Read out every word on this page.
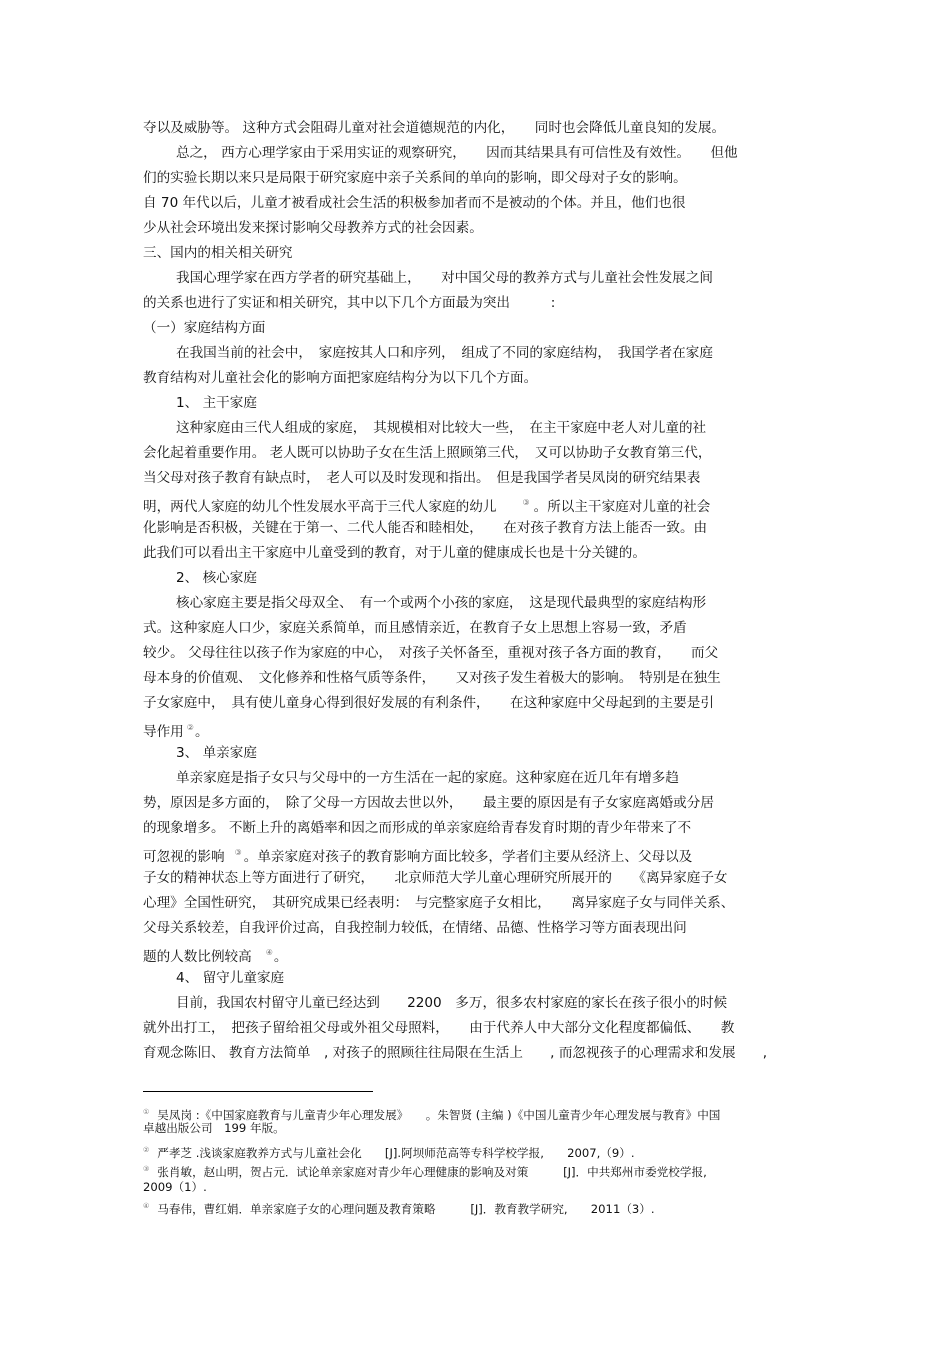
夺以及威胁等。 这种方式会阻碍儿童对社会道德规范的内化，　　同时也会降低儿童良知的发展。
总之， 西方心理学家由于采用实证的观察研究，　　因而其结果具有可信性及有效性。　　但他
们的实验长期以来只是局限于研究家庭中亲子关系间的单向的影响，即父母对子女的影响。
自 70 年代以后，儿童才被看成社会生活的积极参加者而不是被动的个体。并且，他们也很
少从社会环境出发来探讨影响父母教养方式的社会因素。
三、国内的相关相关研究
我国心理学家在西方学者的研究基础上，　　对中国父母的教养方式与儿童社会性发展之间
的关系也进行了实证和相关研究，其中以下几个方面最为突出　　　:
（一）家庭结构方面
在我国当前的社会中，　家庭按其人口和序列，　组成了不同的家庭结构，　我国学者在家庭
教育结构对儿童社会化的影响方面把家庭结构分为以下几个方面。
1、 主干家庭
这种家庭由三代人组成的家庭，　其规模相对比较大一些，　在主干家庭中老人对儿童的社
会化起着重要作用。 老人既可以协助子女在生活上照顾第三代，　又可以协助子女教育第三代，
当父母对孩子教育有缺点时，　老人可以及时发现和指出。　但是我国学者吴凤岗的研究结果表
明，两代人家庭的幼儿个性发展水平高于三代人家庭的幼儿	③ 。所以主干家庭对儿童的社会
化影响是否积极，关键在于第一、二代人能否和睦相处，　　在对孩子教育方法上能否一致。由
此我们可以看出主干家庭中儿童受到的教育，对于儿童的健康成长也是十分关键的。
2、 核心家庭
核心家庭主要是指父母双全、　有一个或两个小孩的家庭，　这是现代最典型的家庭结构形
式。这种家庭人口少，家庭关系简单，而且感情亲近，在教育子女上思想上容易一致，矛盾
较少。 父母往往以孩子作为家庭的中心，　对孩子关怀备至，重视对孩子各方面的教育，　　而父
母本身的价值观、　文化修养和性格气质等条件，　　又对孩子发生着极大的影响。　特别是在独生
子女家庭中，　具有使儿童身心得到很好发展的有利条件，　　在这种家庭中父母起到的主要是引
导作用 ②。
3、 单亲家庭
单亲家庭是指子女只与父母中的一方生活在一起的家庭。这种家庭在近几年有增多趋
势，原因是多方面的，　除了父母一方因故去世以外，　　最主要的原因是有子女家庭离婚或分居
的现象增多。 不断上升的离婚率和因之而形成的单亲家庭给青春发育时期的青少年带来了不
可忽视的影响 ③ 。单亲家庭对孩子的教育影响方面比较多，学者们主要从经济上、父母以及
子女的精神状态上等方面进行了研究，　　北京师范大学儿童心理研究所展开的　　《离异家庭子女
心理》全国性研究，　其研究成果已经表明：　与完整家庭子女相比，　　离异家庭子女与同伴关系、
父母关系较差，自我评价过高，自我控制力较低，在情绪、品德、性格学习等方面表现出问
题的人数比例较高 ④。
4、 留守儿童家庭
目前，我国农村留守儿童已经达到　　2200　多万，很多农村家庭的家长在孩子很小的时候
就外出打工，　把孩子留给祖父母或外祖父母照料，　　由于代养人中大部分文化程度都偏低、　　教
育观念陈旧、 教育方法简单　, 对孩子的照顾往往局限在生活上　　, 而忽视孩子的心理需求和发展　　,
① 吴凤岗 :《中国家庭教育与儿童青少年心理发展》　　。朱智贤 (主编 )《中国儿童青少年心理发展与教育》中国
卓越出版公司　199 年版。
② 严孝芝 .浅谈家庭教养方式与儿童社会化　　[J].阿坝师范高等专科学校学报,　　2007,（9）.
③ 张肖敏，赵山明，贺占元．试论单亲家庭对青少年心理健康的影响及对策　　　[J]．中共郑州市委党校学报,
2009（1）.
④ 马春伟，曹红娟．单亲家庭子女的心理问题及教育策略　　　[J]．教育教学研究,　　2011（3）.
